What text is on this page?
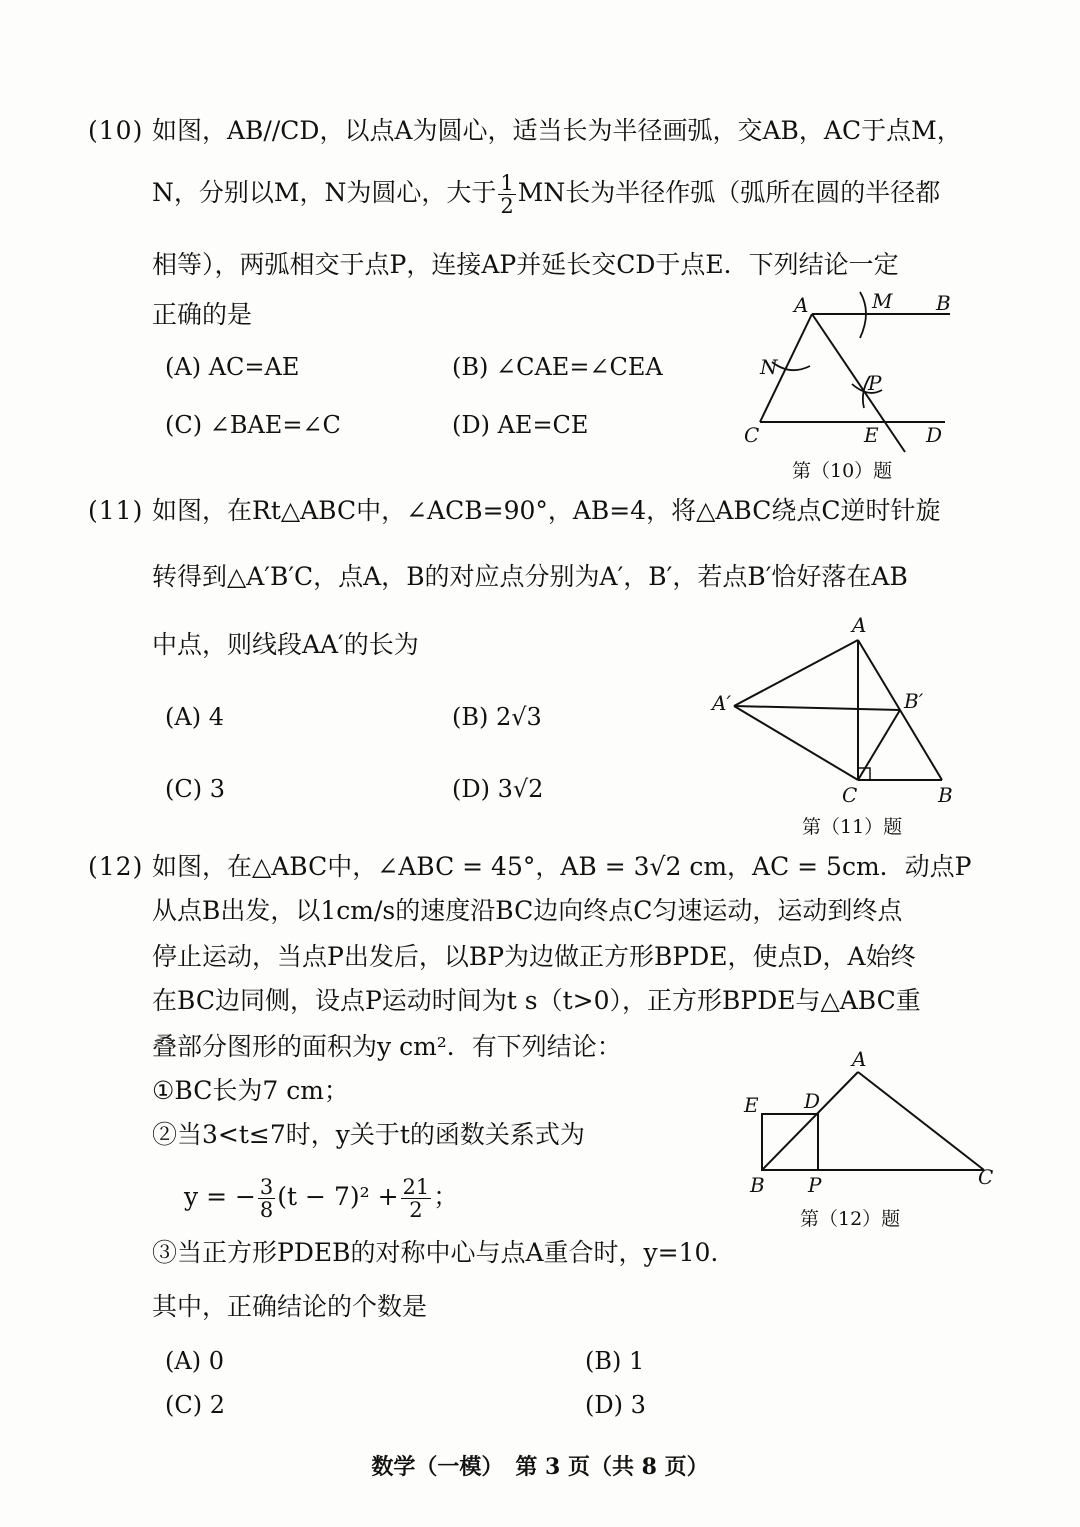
(10) 如图，AB//CD，以点A为圆心，适当长为半径画弧，交AB，AC于点M，
N，分别以M，N为圆心，大于 $\frac{1}{2}$ MN长为半径作弧（弧所在圆的半径都
相等），两弧相交于点P，连接AP并延长交CD于点E．下列结论一定
正确的是
(A) AC=AE	(B) ∠CAE=∠CEA
(C) ∠BAE=∠C	(D) AE=CE
A	M B
N
P
C	E D
第（10）题
(11) 如图，在Rt△ABC中，∠ACB=90°，AB=4，将△ABC绕点C逆时针旋
转得到△A′B′C，点A，B的对应点分别为A′，B′，若点B′恰好落在AB
中点，则线段AA′的长为
(A) 4	(B) 2√3
(C) 3	(D) 3√2
A
A′	B′
C	B
第（11）题
(12) 如图，在△ABC中，∠ABC = 45°，AB = 3√2 cm，AC = 5cm．动点P
从点B出发，以1cm/s的速度沿BC边向终点C匀速运动，运动到终点
停止运动，当点P出发后，以BP为边做正方形BPDE，使点D，A始终
在BC边同侧，设点P运动时间为t s（t>0），正方形BPDE与△ABC重
叠部分图形的面积为y cm²．有下列结论：
①BC长为7 cm；
②当3<t≤7时，y关于t的函数关系式为
y = − $\frac{3}{8} (t - 7)^2 + \frac{21}{2}$ ；
③当正方形PDEB的对称中心与点A重合时，y=10.
其中，正确结论的个数是
(A) 0	(B) 1
(C) 2	(D) 3
A
E D
B P	C
第（12）题
数学（一模） 第 3 页（共 8 页）
